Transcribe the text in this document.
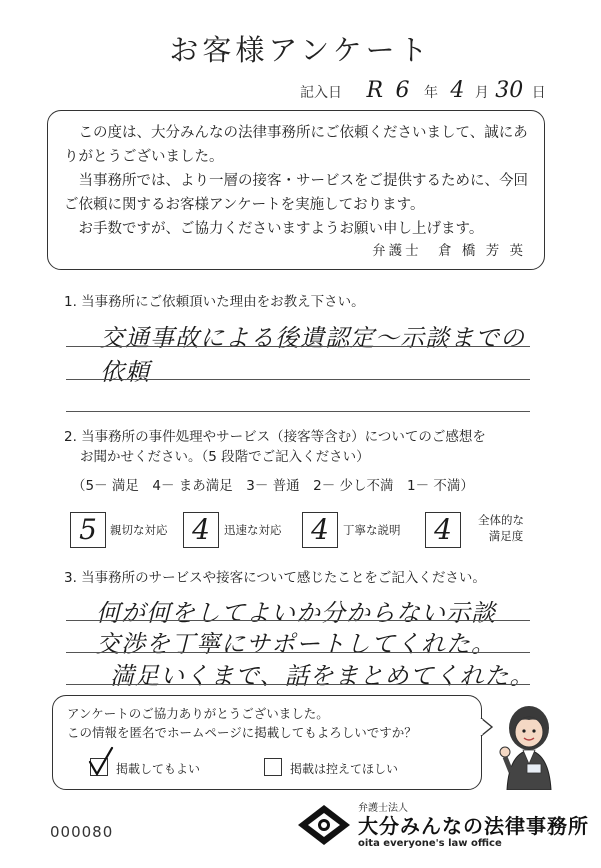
お客様アンケート
記入日 R 6 年 4 月 30 日

この度は、大分みんなの法律事務所にご依頼くださいまして、誠にありがとうございました。

当事務所では、より一層の接客・サービスをご提供するために、今回ご依頼に関するお客様アンケートを実施しております。

お手数ですが、ご協力くださいますようお願い申し上げます。

弁護士　倉 橋 芳 英
1. 当事務所にご依頼頂いた理由をお教え下さい。
交通事故による後遺認定〜示談までの
依頼
2. 当事務所の事件処理やサービス（接客等含む）についてのご感想を
お聞かせください。（5 段階でご記入ください）
（5－ 満足　4－ まあ満足　3－ 普通　2－ 少し不満　1－ 不満）
5	親切な対応 4	迅速な対応	4	丁寧な説明	4	全体的な
満足度
3. 当事務所のサービスや接客について感じたことをご記入ください。
何が何をしてよいか分からない示談
交渉を丁寧にサポートしてくれた。
満足いくまで、話をまとめてくれた。
アンケートのご協力ありがとうございました。
この情報を匿名でホームページに掲載してもよろしいですか？
掲載してもよい	掲載は控えてほしい
000080
弁護士法人
大分みんなの法律事務所
oita everyone's law office
